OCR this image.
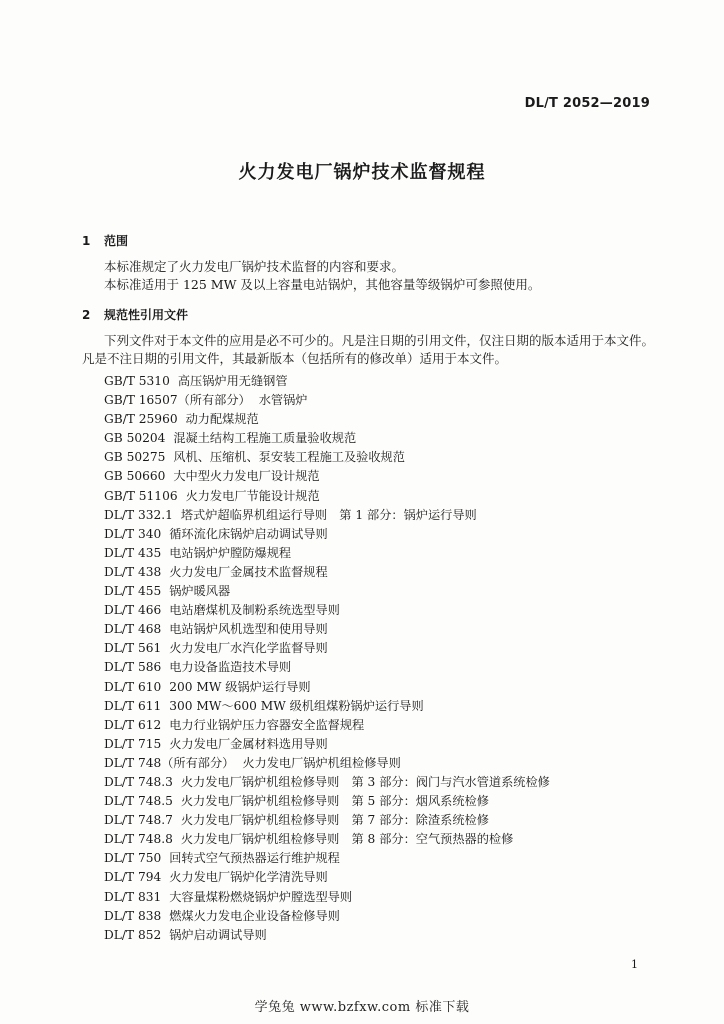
DL/T 2052—2019
火力发电厂锅炉技术监督规程
1 范围
本标准规定了火力发电厂锅炉技术监督的内容和要求。
本标准适用于 125 MW 及以上容量电站锅炉，其他容量等级锅炉可参照使用。
2 规范性引用文件
下列文件对于本文件的应用是必不可少的。凡是注日期的引用文件，仅注日期的版本适用于本文件。凡是不注日期的引用文件，其最新版本（包括所有的修改单）适用于本文件。
GB/T 5310 高压锅炉用无缝钢管
GB/T 16507（所有部分） 水管锅炉
GB/T 25960 动力配煤规范
GB 50204 混凝土结构工程施工质量验收规范
GB 50275 风机、压缩机、泵安装工程施工及验收规范
GB 50660 大中型火力发电厂设计规范
GB/T 51106 火力发电厂节能设计规范
DL/T 332.1 塔式炉超临界机组运行导则　第 1 部分：锅炉运行导则
DL/T 340 循环流化床锅炉启动调试导则
DL/T 435 电站锅炉炉膛防爆规程
DL/T 438 火力发电厂金属技术监督规程
DL/T 455 锅炉暖风器
DL/T 466 电站磨煤机及制粉系统选型导则
DL/T 468 电站锅炉风机选型和使用导则
DL/T 561 火力发电厂水汽化学监督导则
DL/T 586 电力设备监造技术导则
DL/T 610 200 MW 级锅炉运行导则
DL/T 611 300 MW～600 MW 级机组煤粉锅炉运行导则
DL/T 612 电力行业锅炉压力容器安全监督规程
DL/T 715 火力发电厂金属材料选用导则
DL/T 748（所有部分） 火力发电厂锅炉机组检修导则
DL/T 748.3 火力发电厂锅炉机组检修导则　第 3 部分：阀门与汽水管道系统检修
DL/T 748.5 火力发电厂锅炉机组检修导则　第 5 部分：烟风系统检修
DL/T 748.7 火力发电厂锅炉机组检修导则　第 7 部分：除渣系统检修
DL/T 748.8 火力发电厂锅炉机组检修导则　第 8 部分：空气预热器的检修
DL/T 750 回转式空气预热器运行维护规程
DL/T 794 火力发电厂锅炉化学清洗导则
DL/T 831 大容量煤粉燃烧锅炉炉膛选型导则
DL/T 838 燃煤火力发电企业设备检修导则
DL/T 852 锅炉启动调试导则
1
学兔兔 www.bzfxw.com 标准下载
